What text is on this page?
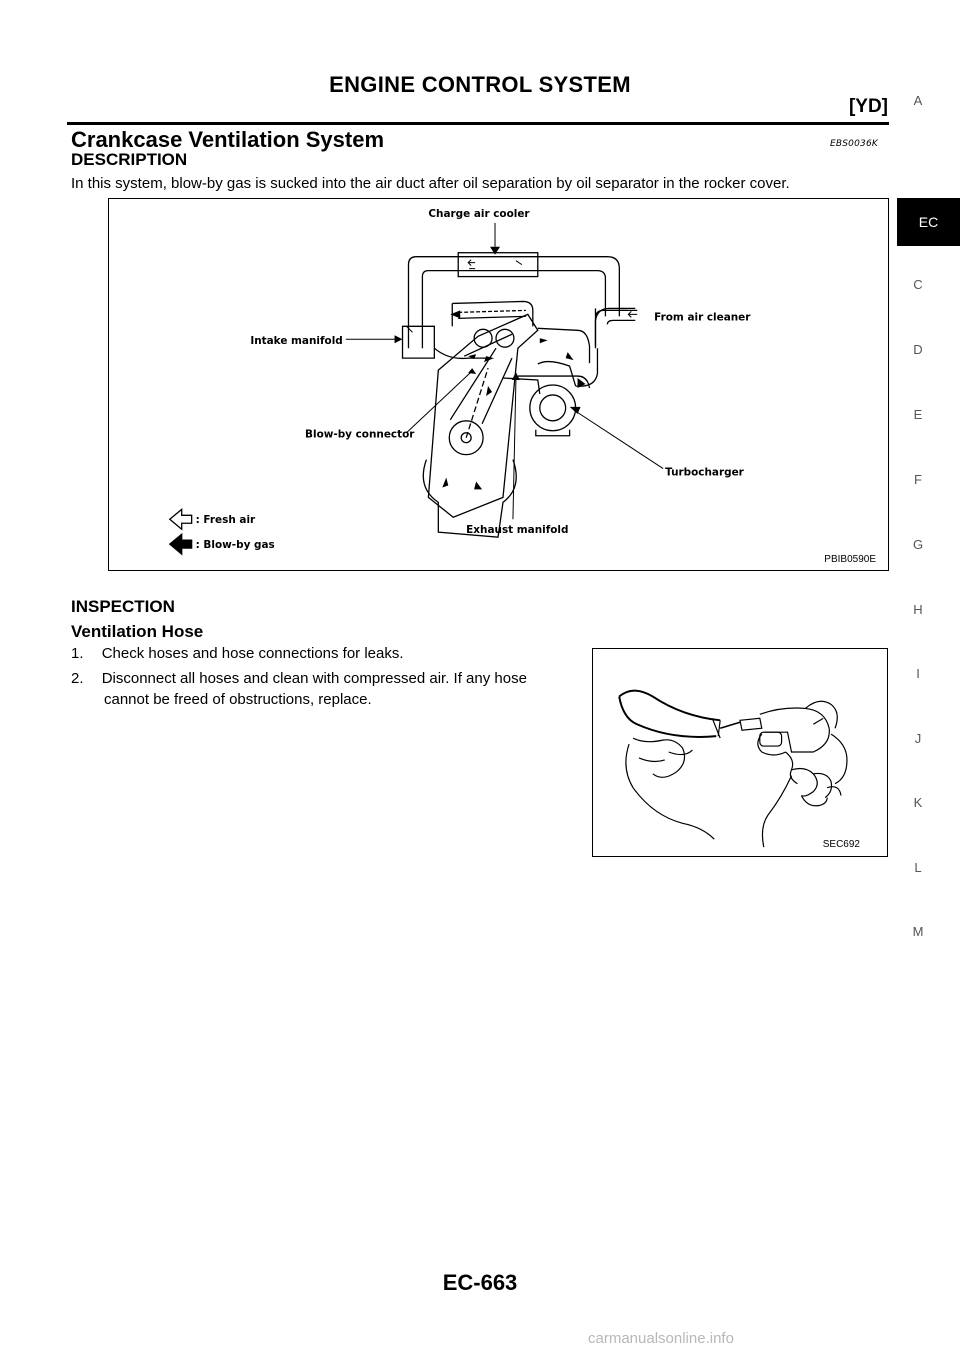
ENGINE CONTROL SYSTEM
[YD]
Crankcase Ventilation System	EBS0036K
DESCRIPTION
In this system, blow-by gas is sucked into the air duct after oil separation by oil separator in the rocker cover.
Charge air cooler
From air cleaner
Intake manifold
Blow-by connector
Turbocharger
Exhaust manifold
: Fresh air
: Blow-by gas
PBIB0590E
INSPECTION
Ventilation Hose
1. Check hoses and hose connections for leaks.
2. Disconnect all hoses and clean with compressed air. If any hose
cannot be freed of obstructions, replace.
SEC692
A
EC
C
D
E
F
G
H
I
J
K
L
M
EC-663
carmanualsonline.info
